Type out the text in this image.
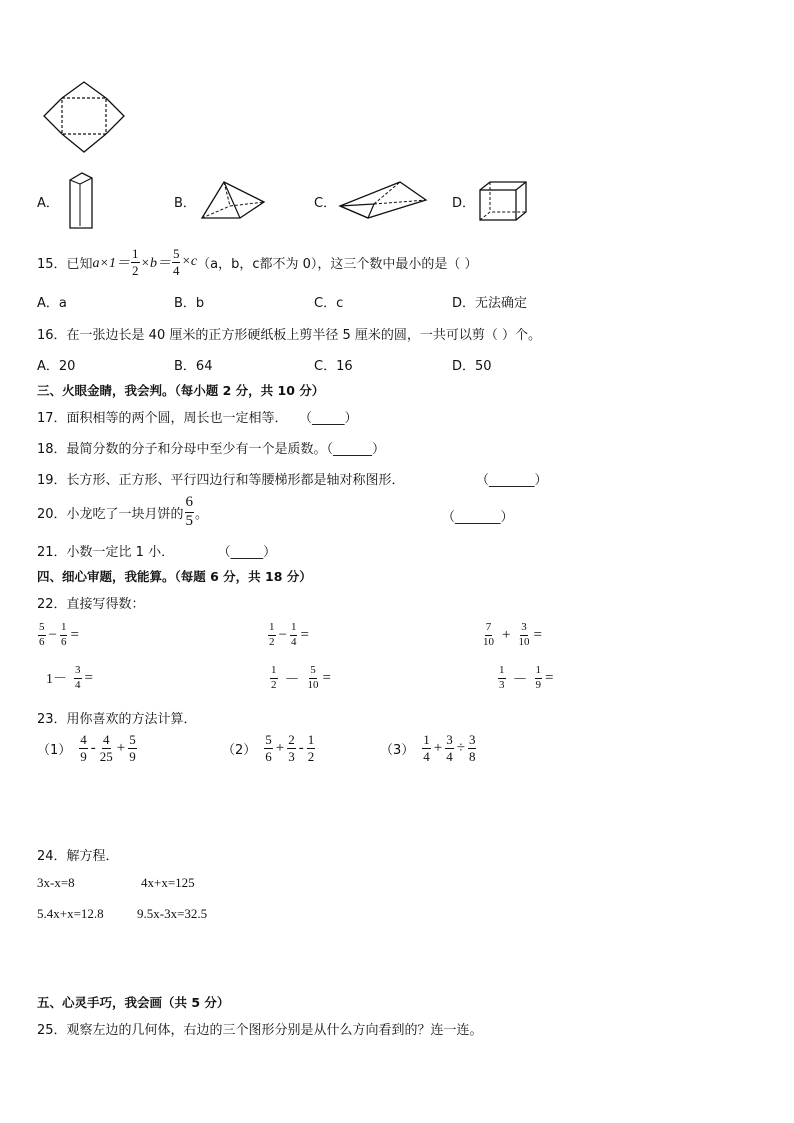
A．	B．	C．	D．
15．已知 $a\times 1= \frac{1}{2} \times b= \frac{5}{4} \times c$ （a，b，c都不为 0），这三个数中最小的是（ ）
A．a	B．b	C．c	D．无法确定
16．在一张边长是 40 厘米的正方形硬纸板上剪半径 5 厘米的圆，一共可以剪（ ）个。
A．20	B．64	C．16	D．50
三、火眼金睛，我会判。（每小题 2 分，共 10 分）
17．面积相等的两个圆，周长也一定相等． （_____）
18．最简分数的分子和分母中至少有一个是质数。（______）
19．长方形、正方形、平行四边行和等腰梯形都是轴对称图形．	（_______）
20．小龙吃了一块月饼的 $\frac{6}{5}$ 。	（_______）
21．小数一定比 1 小．	（_____）
四、细心审题，我能算。（每题 6 分，共 18 分）
22．直接写得数：
$\frac{5}{6} - \frac{1}{6}$ =	$\frac{1}{2} - \frac{1}{4}$ =	$\frac{7}{10} + \frac{3}{10}$ =
$1- \frac{3}{4}$ =	$\frac{1}{2} - \frac{5}{10}$ =	$\frac{1}{3} - \frac{1}{9}$ =
23．用你喜欢的方法计算．
$(1) \frac{4}{9} - \frac{4}{25} + \frac{5}{9}$	$(2) \frac{5}{6} + \frac{2}{3} - \frac{1}{2}$	$(3) \frac{1}{4} + \frac{3}{4} \div \frac{3}{8}$
24．解方程．
3x-x=8	4x+x=125
5.4x+x=12.8	9.5x-3x=32.5
五、心灵手巧，我会画（共 5 分）
25．观察左边的几何体，右边的三个图形分别是从什么方向看到的？连一连。
